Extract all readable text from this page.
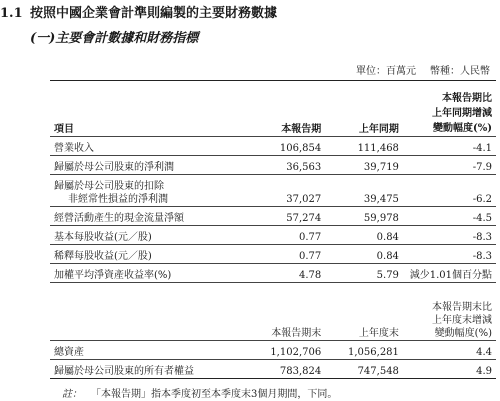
1.1 按照中國企業會計準則編製的主要財務數據
(一)主要會計數據和財務指標
單位：百萬元 幣種：人民幣
項目	本報告期	上年同期	本報告期比
上年同期增減
變動幅度(%)

營業收入	106,854	111,468	-4.1
歸屬於母公司股東的淨利潤	36,563	39,719	-7.9

歸屬於母公司股東的扣除
非經常性損益的淨利潤	37,027	39,475	-6.2
經營活動產生的現金流量淨額	57,274	59,978	-4.5
基本每股收益(元／股)	0.77	0.84	-8.3
稀釋每股收益(元／股)	0.77	0.84	-8.3
加權平均淨資產收益率(%)	4.78	5.79	減少1.01個百分點
	本報告期末	上年度末	本報告期末比
上年度末增減
變動幅度(%)

總資產	1,102,706	1,056,281	4.4
歸屬於母公司股東的所有者權益	783,824	747,548	4.9
註： 「本報告期」指本季度初至本季度末3個月期間，下同。
